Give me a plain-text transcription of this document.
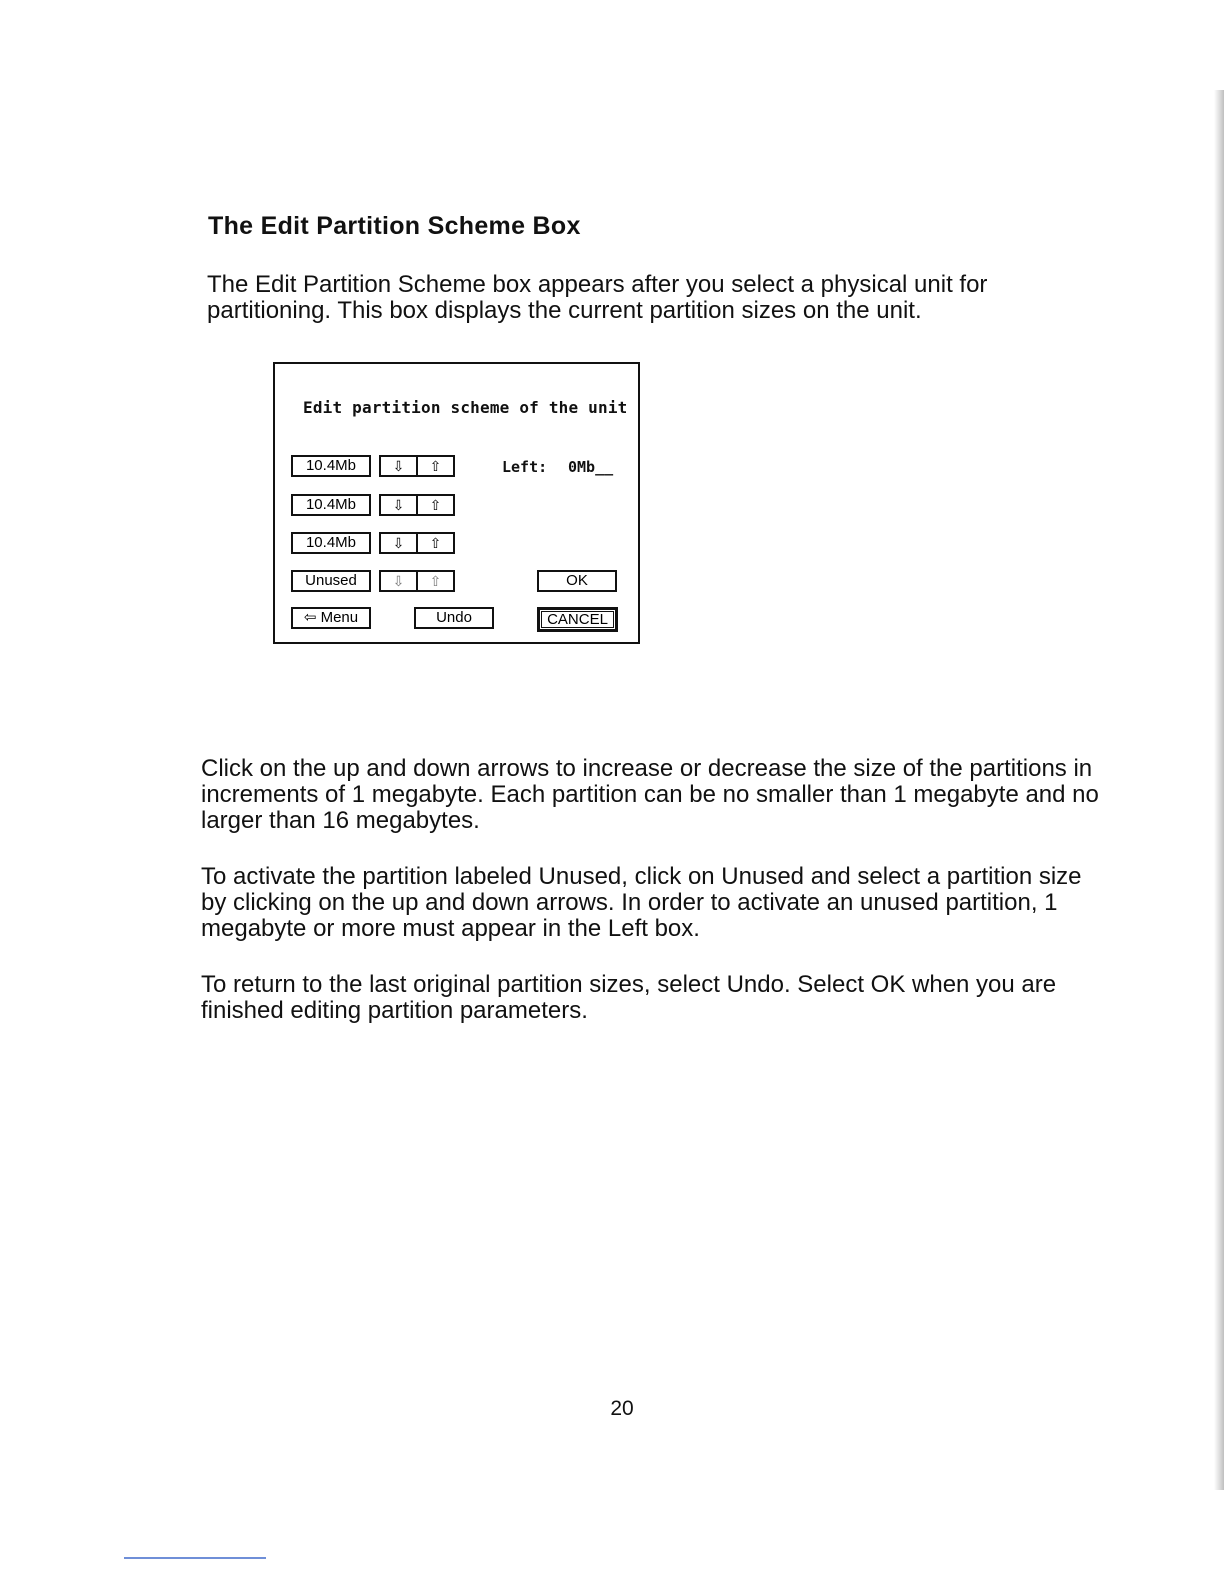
The Edit Partition Scheme Box

The Edit Partition Scheme box appears after you select a physical unit for partitioning. This box displays the current partition sizes on the unit.

Edit partition scheme of the unit
10.4Mb	⇩	⇧	Left: 0Mb__
10.4Mb	⇩	⇧
10.4Mb	⇩	⇧
Unused	⇩	⇧	OK
⇦ Menu	Undo	CANCEL

Click on the up and down arrows to increase or decrease the size of the partitions in increments of 1 megabyte. Each partition can be no smaller than 1 megabyte and no larger than 16 megabytes.

To activate the partition labeled Unused, click on Unused and select a partition size by clicking on the up and down arrows. In order to activate an unused partition, 1 megabyte or more must appear in the Left box.

To return to the last original partition sizes, select Undo. Select OK when you are finished editing partition parameters.

20
